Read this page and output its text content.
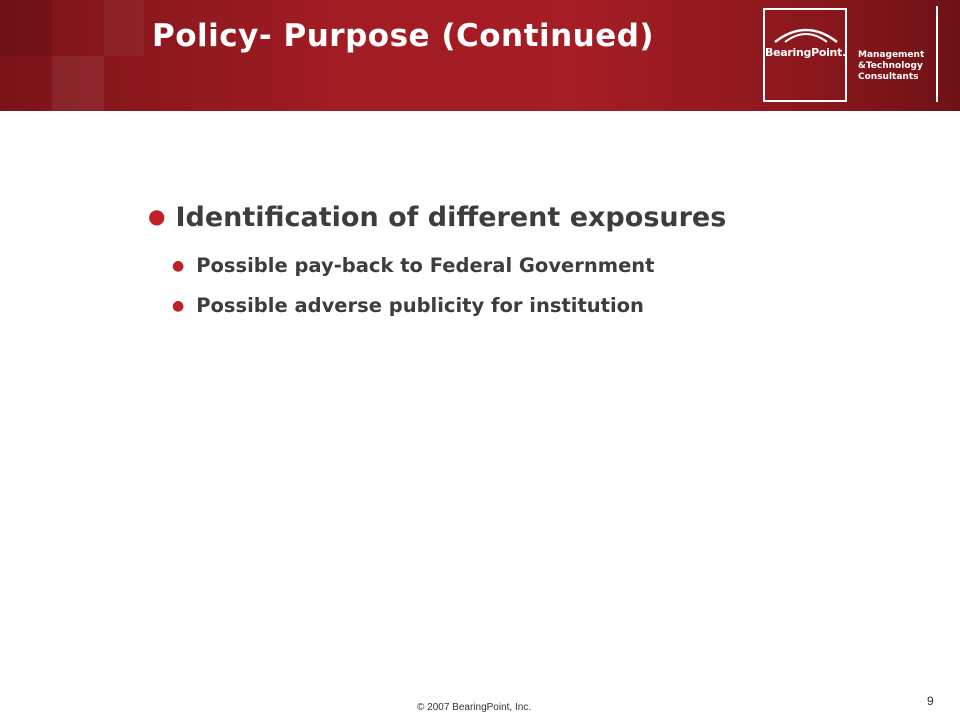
Policy- Purpose (Continued)	BearingPoint. Management
&Technology
Consultants
● Identification of different exposures
● Possible pay-back to Federal Government
● Possible adverse publicity for institution
© 2007 BearingPoint, Inc.	9
